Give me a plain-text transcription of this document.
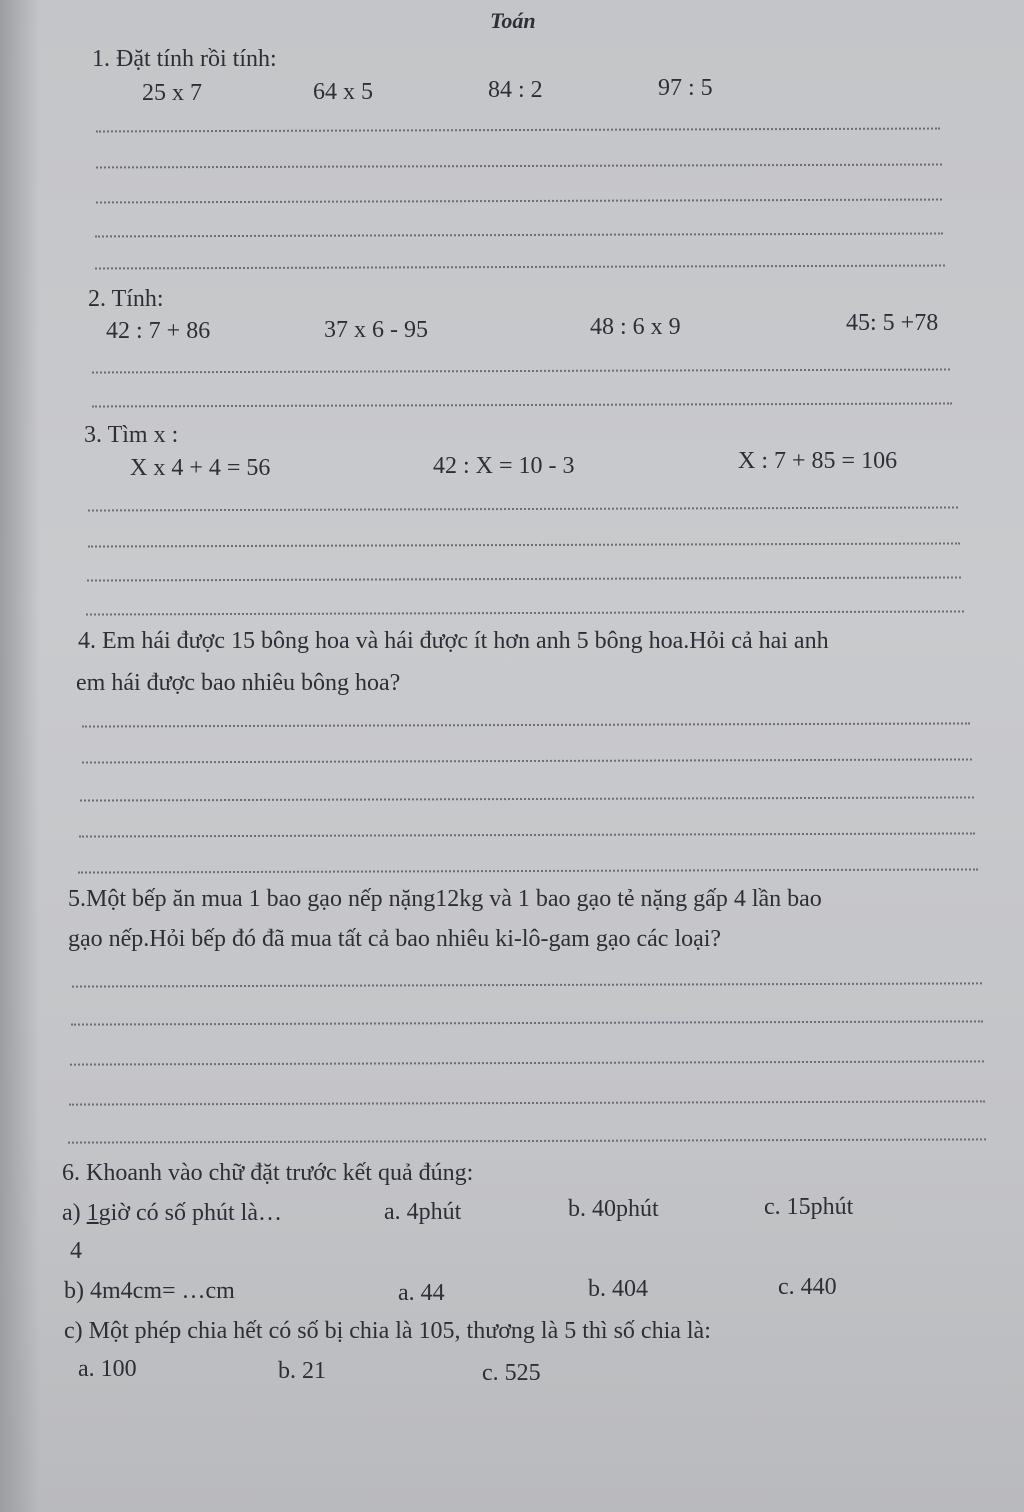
Toán
1. Đặt tính rồi tính:
25 x 7	64 x 5	84 : 2	97 : 5
2. Tính:
42 : 7 + 86	37 x 6 - 95	48 : 6 x 9	45: 5 +78
3. Tìm x :
X x 4 + 4 = 56	42 : X = 10 - 3	X : 7 + 85 = 106
4. Em hái được 15 bông hoa và hái được ít hơn anh 5 bông hoa.Hỏi cả hai anh
em hái được bao nhiêu bông hoa?
5.Một bếp ăn mua 1 bao gạo nếp nặng12kg và 1 bao gạo tẻ nặng gấp 4 lần bao
gạo nếp.Hỏi bếp đó đã mua tất cả bao nhiêu ki-lô-gam gạo các loại?
6. Khoanh vào chữ đặt trước kết quả đúng:
a) 1giờ có số phút là…
4
a. 4phút	b. 40phút	c. 15phút
b) 4m4cm= …cm	a. 44	b. 404	c. 440
c) Một phép chia hết có số bị chia là 105, thương là 5 thì số chia là:
a. 100	b. 21	c. 525
